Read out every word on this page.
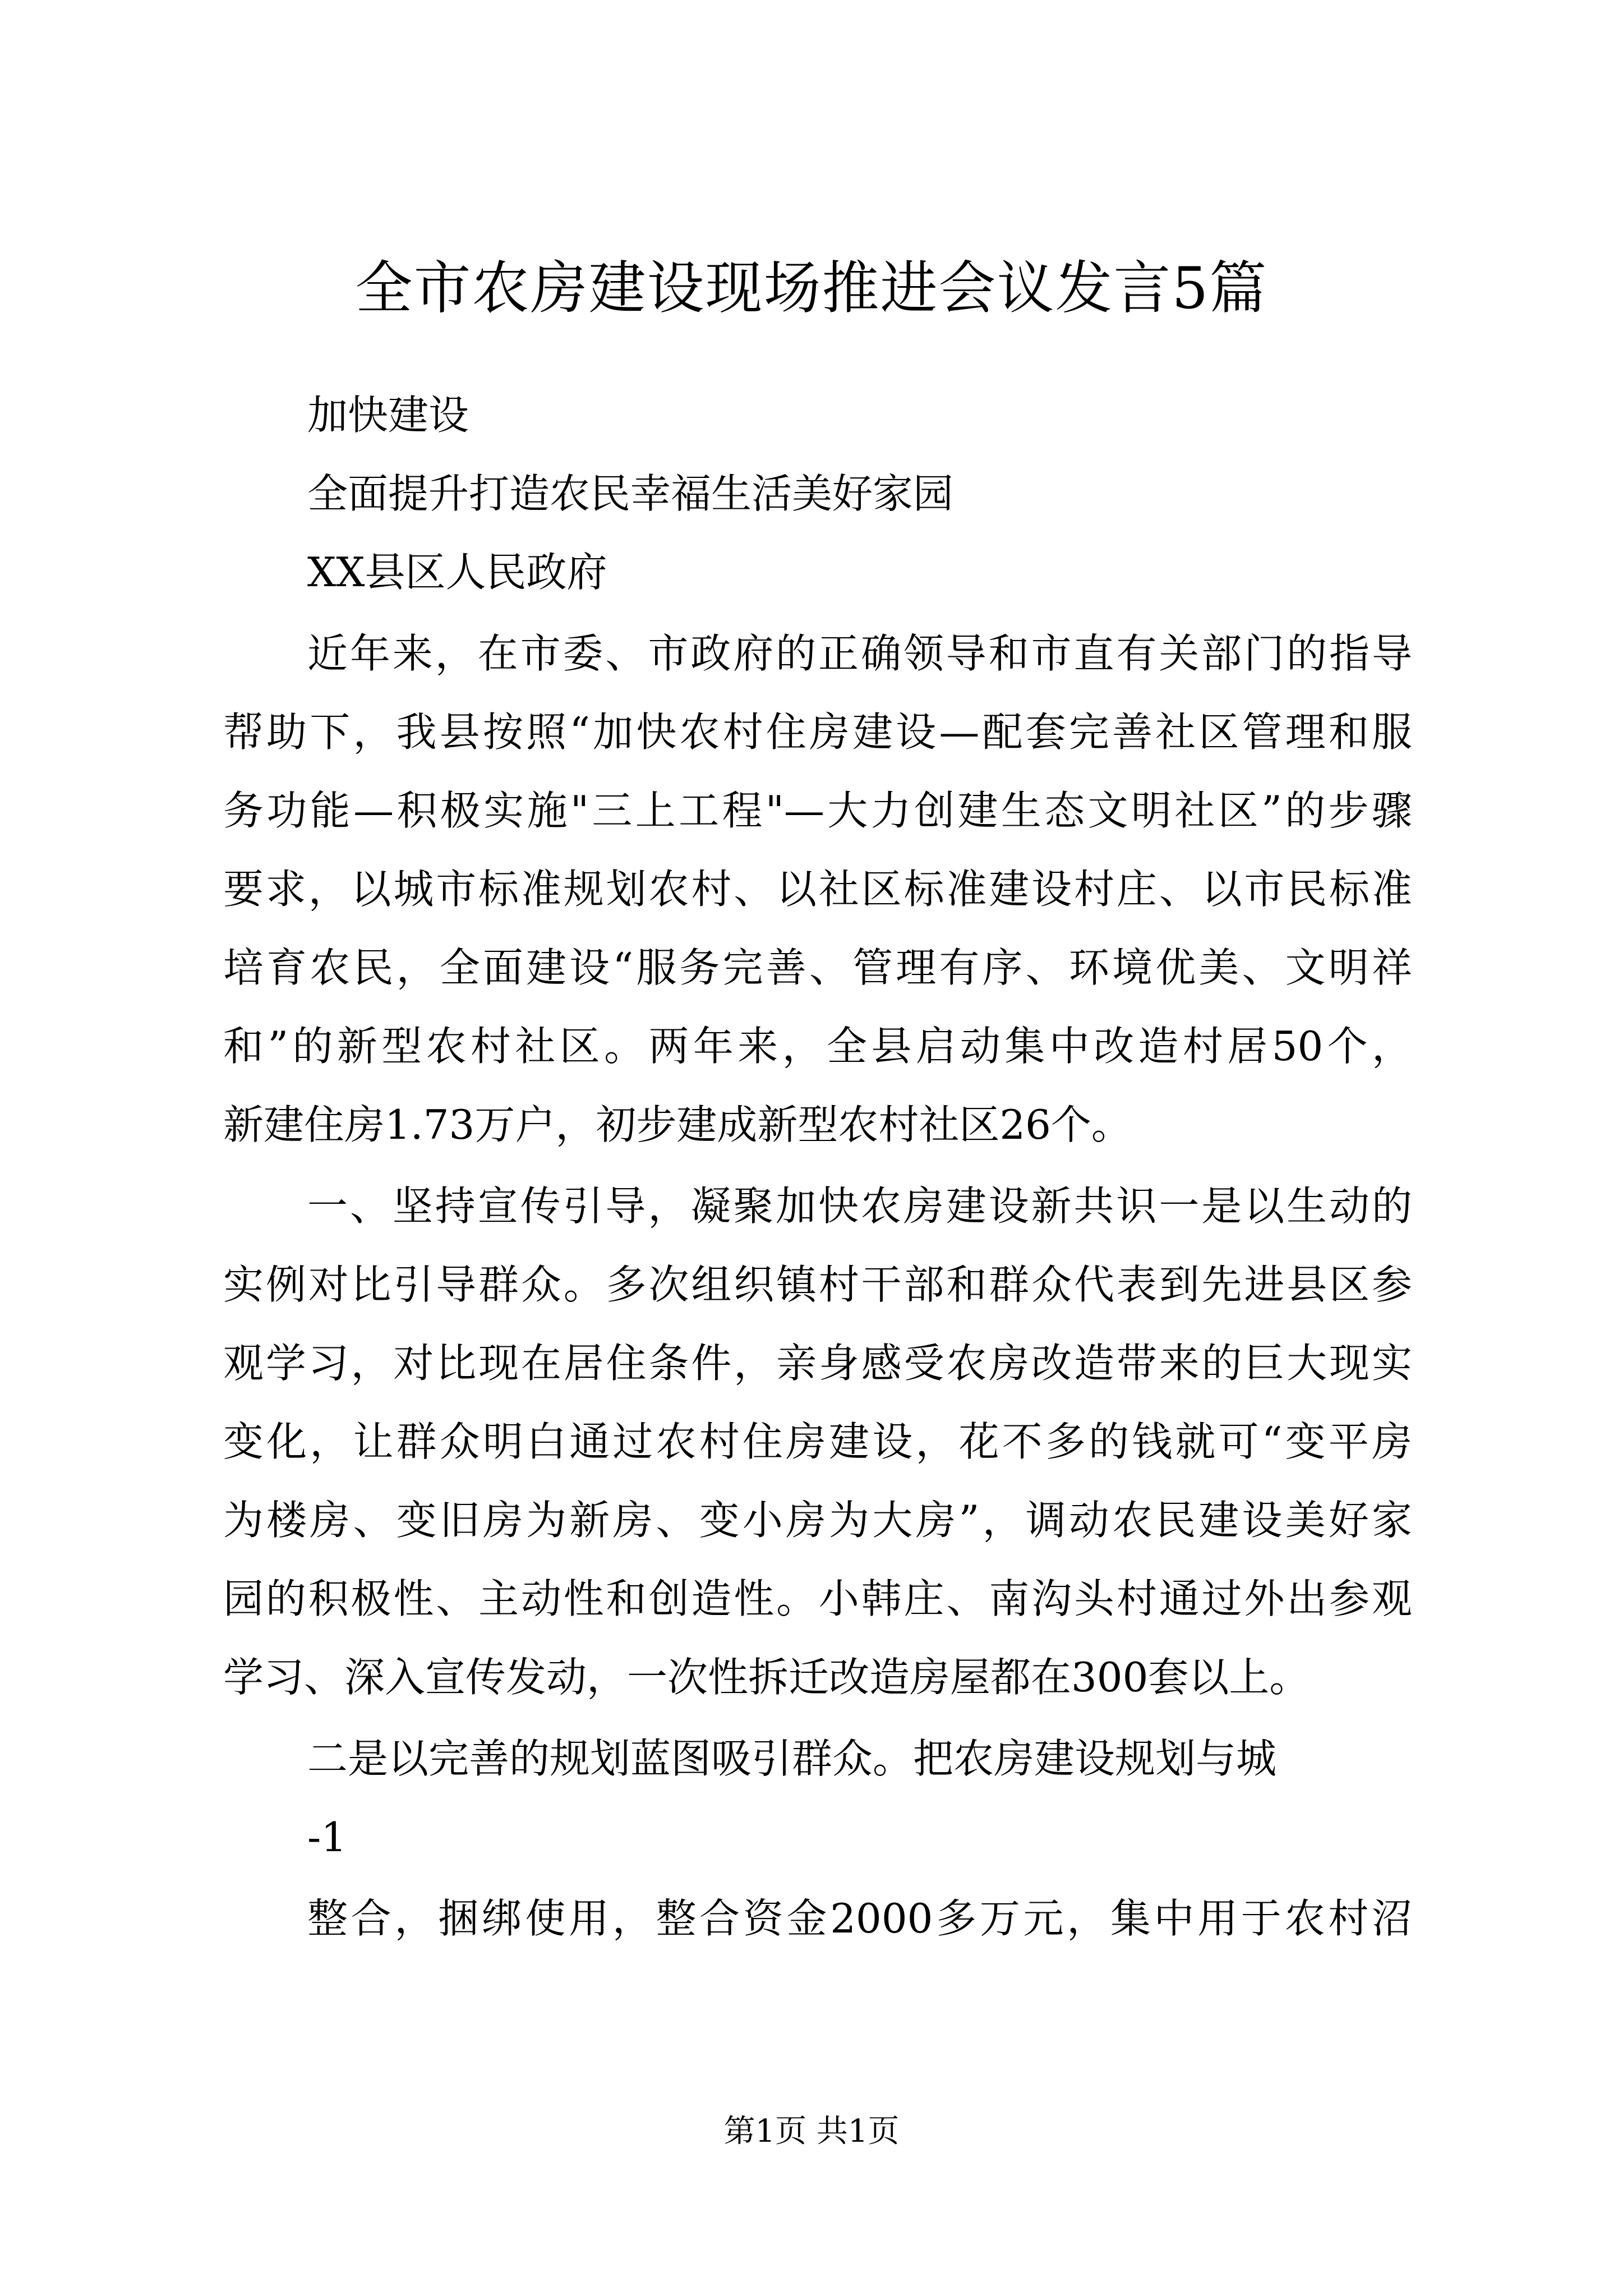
全市农房建设现场推进会议发言5篇

加快建设

全面提升打造农民幸福生活美好家园

XX县区人民政府

近年来，在市委、市政府的正确领导和市直有关部门的指导

帮助下，我县按照“加快农村住房建设—配套完善社区管理和服

务功能—积极实施"三上工程"—大力创建生态文明社区”的步骤

要求，以城市标准规划农村、以社区标准建设村庄、以市民标准

培育农民，全面建设“服务完善、管理有序、环境优美、文明祥

和”的新型农村社区。两年来，全县启动集中改造村居50个，

新建住房1.73万户，初步建成新型农村社区26个。

一、坚持宣传引导，凝聚加快农房建设新共识一是以生动的

实例对比引导群众。多次组织镇村干部和群众代表到先进县区参

观学习，对比现在居住条件，亲身感受农房改造带来的巨大现实

变化，让群众明白通过农村住房建设，花不多的钱就可“变平房

为楼房、变旧房为新房、变小房为大房”，调动农民建设美好家

园的积极性、主动性和创造性。小韩庄、南沟头村通过外出参观

学习、深入宣传发动，一次性拆迁改造房屋都在300套以上。

二是以完善的规划蓝图吸引群众。把农房建设规划与城

-1

整合，捆绑使用，整合资金2000多万元，集中用于农村沼

第1页 共1页
